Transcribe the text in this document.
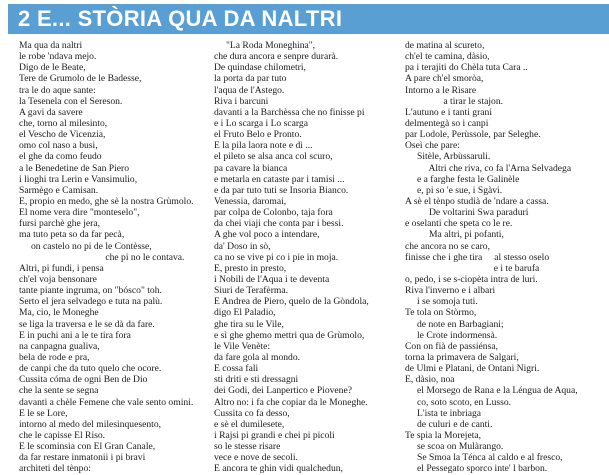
2 E... STÒRIA QUA DA NALTRI
Ma qua da naltri
le robe 'ndava mejo.
Digo de le Beate,
Tere de Grumolo de le Badesse,
tra le do aque sante:
la Tesenela con el Sereson.
A gavi da savere
che, torno al milesinto,
el Vescho de Vicenzia,
omo col naso a busi,
el ghe da como feudo
a le Benedetine de San Piero
i lioghi tra Lerin e Vansimulio,
Sarmègo e Camisan.
E, propio en medo, ghe sè la nostra Grùmolo.
El nome vera dire "monteselo",
fursi parchè ghe jera,
ma tuto peta so da far pecà,
on castelo no pi de le Contèsse,
che pi no le contava.
Altri, pi fundi, i pensa
ch'el voja bensonare
tante piante ingruma, on "bósco" toh.
Serto el jera selvadego e tuta na palù.
Ma, cio, le Moneghe
se liga la traversa e le se dà da fare.
E in puchi ani a le te tira fora
na canpagna gualiva,
bela de rode e pra,
de canpi che da tuto quelo che ocore.
Cussita cóma de ogni Ben de Dio
che la sente se segna
davanti a chèle Femene che vale sento omini.
E le se Lore,
intorno al medo del milesinquesento,
che le capisse El Riso.
E le scominsia con El Gran Canale,
da far restare inmatonii i pi bravi
architeti del tènpo:
"La Roda Moneghina",
che dura ancora e senpre durarà.
De quindase chilometri,
la porta da par tuto
l'aqua de l'Astego.
Riva i barcuni
davanti a la Barchèssa che no finisse pi
e i Lo scarga i Lo scarga
el Fruto Belo e Pronto.
E la pila laora note e dì ...
el pileto se alsa anca col scuro,
pa cavare la bianca
e metarla en cataste par i tamisi ...
e da par tuto tuti se Insoria Bianco.
Venessia, daromai,
par colpa de Colonbo, taja fora
da chei viaji che conta par i bessi.
A ghe vol poco a intendare,
da' Doso in sò,
ca no se vive pi co i pie in moja.
E, presto in presto,
i Nobili de l'Aqua i te deventa
Siuri de Terafèrma.
E Andrea de Piero, quelo de la Gòndola,
digo El Paladio,
ghe tira su le Vile,
e sì ghe ghemo mettri qua de Grùmolo,
le Vile Venète:
da fare gola al mondo.
E cossa fali
sti driti e sti dressagni
dei Godi, dei Lanpertico e Piovene?
Altro no: i fa che copiar da le Moneghe.
Cussita co fa desso,
e sè el dumilesete,
i Rajsi pi grandi e chei pi picoli
so le stesse risare
vece e nove de secoli.
E ancora te ghin vidi qualchedun,
de matina al scureto,
ch'el te camina, dàsio,
pa i terajiti do Chèla tuta Cara ..
A pare ch'el smoròa,
Intorno a le Rìsare
a tirar le stajon.
L'autuno e i tanti grani
delmentegà so i canpi
par Lodole, Perùssole, par Seleghe.
Oseì che pare:
Sitèle, Arbùssaruli.
Altri che riva, co fa l'Arna Selvadega
e a farghe festa le Galinèle
e, pi so 'e sue, i Sgàvi.
A sè el tènpo studià de 'ndare a cassa.
De voltarini Swa paraduri
e oselanti che speta co le re.
Ma altri, pi pofanti,
che ancora no se caro,
finisse che i ghe tira     al stesso oselo
e i te barufa
o, pedo, i se s-ciopèta intra de luri.
Riva l'inverno e i albari
i se somoja tuti.
Te tola on Stòrmo,
de note en Barbagiani;
le Crote indormensà.
Con on fià de passiénsa,
torna la primavera de Salgari,
de Ulmi e Platani, de Ontani Nigri.
E, dàsio, noa
el Morsego de Rana e la Léngua de Aqua,
co, soto scoto, en Lusso.
L'ista te inbriaga
de culuri e de canti.
Te spia la Morejeta,
se scoa on Mulàrango.
Se Smoa la Ténca al caldo e al fresco,
el Pessegato sporco inte' l barbon.
